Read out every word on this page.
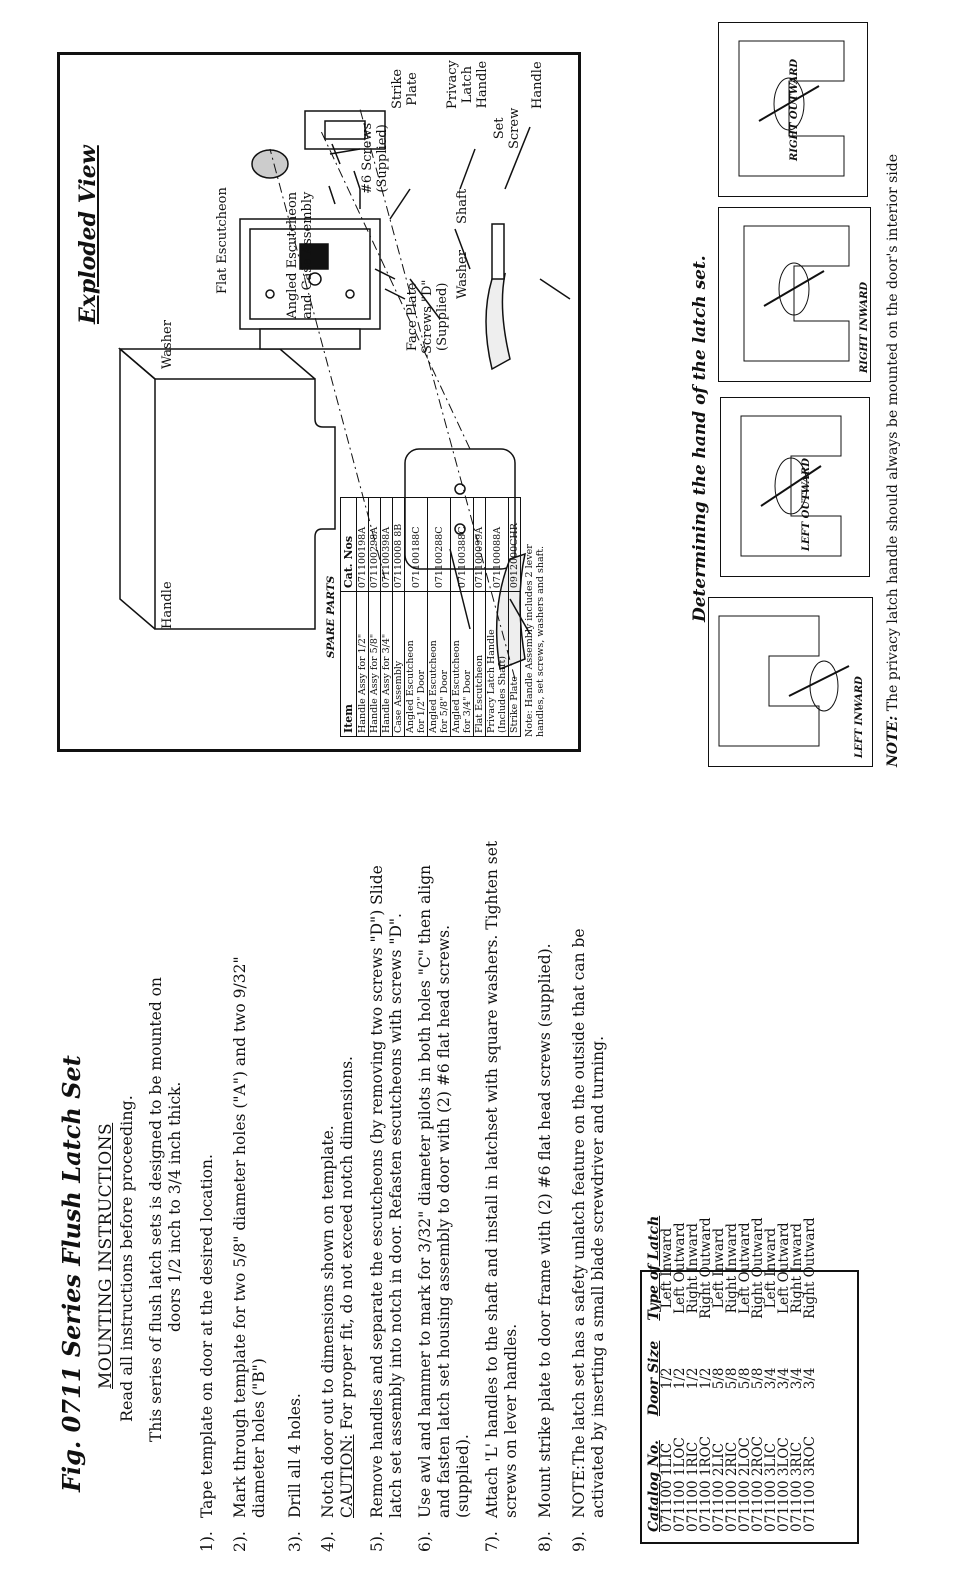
Fig. 0711 Series Flush Latch Set MOUNTING INSTRUCTIONS Read all instructions before proceeding. This series of flush latch sets is designed to be mounted on doors 1/2 inch to 3/4 inch thick.
1).
Tape template on door at the desired location.
2).
Mark through template for two 5/8" diameter holes ("A") and two 9/32" diameter holes ("B")
3).
Drill all 4 holes.
4).
Notch door out to dimensions shown on template. CAUTION: For proper fit, do not exceed notch dimensions.
5).
Remove handles and separate the escutcheons (by removing two screws "D") Slide latch set assembly into notch in door. Refasten escutcheons with screws "D".
6).
Use awl and hammer to mark for 3/32" diameter pilots in both holes "C" then align and fasten latch set housing assembly to door with (2) #6 flat head screws. (supplied).
7).
Attach 'L' handles to the shaft and install in latchset with square washers. Tighten set screws on lever handles.
8).
Mount strike plate to door frame with (2) #6 flat head screws (supplied).
9).
NOTE:The latch set has a safety unlatch feature on the outside that can be activated by inserting a small blade screwdriver and turning.	Catalog No.	Door Size	Type of Latch
071100 1LIC	1/2	Left Inward
071100 1LOC	1/2	Left Outward
071100 1RIC	1/2	Right Inward
071100 1ROC	1/2	Right Outward
071100 2LIC	5/8	Left Inward
071100 2RIC	5/8	Right Inward
071100 2LOC	5/8	Left Outward
071100 2ROC	5/8	Right Outward
071100 3LIC	3/4	Left Inward
071100 3LOC	3/4	Left Outward
071100 3RIC	3/4	Right Inward
071100 3ROC	3/4	Right Outward
Exploded View
Handle
Set Screw
Shaft
Washer
Privacy Latch Handle
Strike Plate
Face Plate Screws "D" (Supplied)
#6 Screws (Supplied)
Angled Escutcheon and Case Assembly
Flat Escutcheon
Washer
Handle	SPARE PARTS
Item	Cat. Nos

Handle Assy for 1/2"	071100198A

Handle Assy for 5/8"	071100298A

Handle Assy for 3/4"	071100398A

Case Assembly	07110008 8B

Angled Escutcheon for 1/2" Door	071100188C

Angled Escutcheon for 5/8" Door	071100288C

Angled Escutcheon for 3/4" Door	071100388C

Flat Escutcheon	071100099A

Privacy Latch Handle (Includes Shaft)	071100088A

Strike Plate	0912000CHR Note: Handle Assembly includes 2 lever handles, set screws, washers and shaft.
Determining the hand of the latch set.
LEFT INWARD
LEFT OUTWARD
RIGHT INWARD
RIGHT OUTWARD
NOTE: The privacy latch handle should always be mounted on the door's interior side
